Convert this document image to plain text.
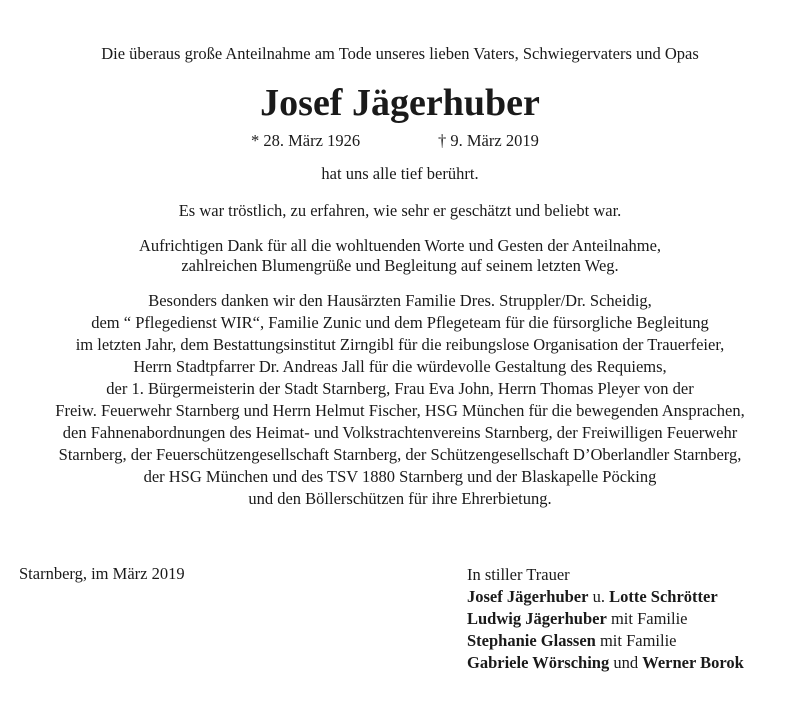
Die überaus große Anteilnahme am Tode unseres lieben Vaters, Schwiegervaters und Opas
Josef Jägerhuber
* 28. März 1926	† 9. März 2019
hat uns alle tief berührt.
Es war tröstlich, zu erfahren, wie sehr er geschätzt und beliebt war.
Aufrichtigen Dank für all die wohltuenden Worte und Gesten der Anteilnahme,
zahlreichen Blumengrüße und Begleitung auf seinem letzten Weg.
Besonders danken wir den Hausärzten Familie Dres. Struppler/Dr. Scheidig,
dem “ Pflegedienst WIR“, Familie Zunic und dem Pflegeteam für die fürsorgliche Begleitung
im letzten Jahr, dem Bestattungsinstitut Zirngibl für die reibungslose Organisation der Trauerfeier,
Herrn Stadtpfarrer Dr. Andreas Jall für die würdevolle Gestaltung des Requiems,
der 1. Bürgermeisterin der Stadt Starnberg, Frau Eva John, Herrn Thomas Pleyer von der
Freiw. Feuerwehr Starnberg und Herrn Helmut Fischer, HSG München für die bewegenden Ansprachen,
den Fahnenabordnungen des Heimat- und Volkstrachtenvereins Starnberg, der Freiwilligen Feuerwehr
Starnberg, der Feuerschützengesellschaft Starnberg, der Schützengesellschaft D’Oberlandler Starnberg,
der HSG München und des TSV 1880 Starnberg und der Blaskapelle Pöcking
und den Böllerschützen für ihre Ehrerbietung.
Starnberg, im März 2019	In stiller Trauer
Josef Jägerhuber u. Lotte Schrötter
Ludwig Jägerhuber mit Familie
Stephanie Glassen mit Familie
Gabriele Wörsching und Werner Borok
